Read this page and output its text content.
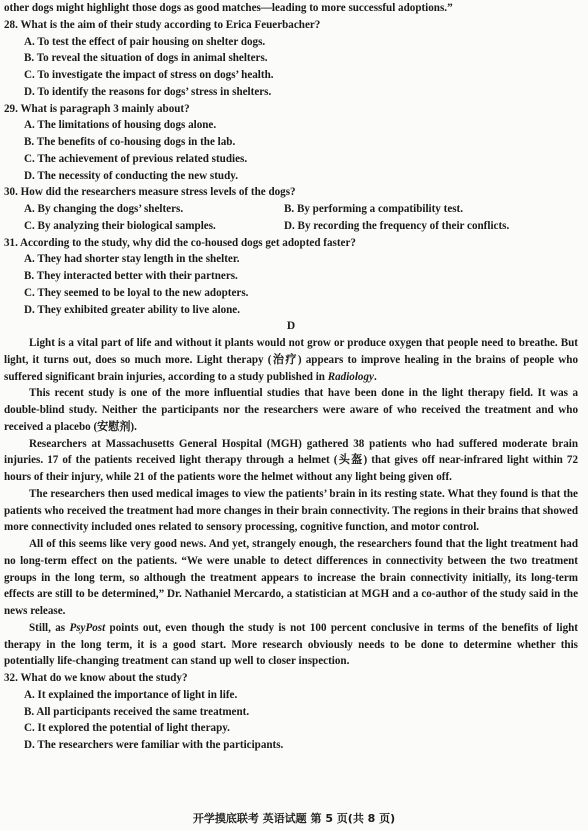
other dogs might highlight those dogs as good matches—leading to more successful adoptions.”
28. What is the aim of their study according to Erica Feuerbacher?
A. To test the effect of pair housing on shelter dogs.
B. To reveal the situation of dogs in animal shelters.
C. To investigate the impact of stress on dogs’ health.
D. To identify the reasons for dogs’ stress in shelters.
29. What is paragraph 3 mainly about?
A. The limitations of housing dogs alone.
B. The benefits of co-housing dogs in the lab.
C. The achievement of previous related studies.
D. The necessity of conducting the new study.
30. How did the researchers measure stress levels of the dogs?
A. By changing the dogs’ shelters.	B. By performing a compatibility test.
C. By analyzing their biological samples.	D. By recording the frequency of their conflicts.
31. According to the study, why did the co-housed dogs get adopted faster?
A. They had shorter stay length in the shelter.
B. They interacted better with their partners.
C. They seemed to be loyal to the new adopters.
D. They exhibited greater ability to live alone.
D

Light is a vital part of life and without it plants would not grow or produce oxygen that people need to breathe. But light, it turns out, does so much more. Light therapy (治疗) appears to improve healing in the brains of people who suffered significant brain injuries, according to a study published in Radiology.

This recent study is one of the more influential studies that have been done in the light therapy field. It was a double-blind study. Neither the participants nor the researchers were aware of who received the treatment and who received a placebo (安慰剂).

Researchers at Massachusetts General Hospital (MGH) gathered 38 patients who had suffered moderate brain injuries. 17 of the patients received light therapy through a helmet (头盔) that gives off near-infrared light within 72 hours of their injury, while 21 of the patients wore the helmet without any light being given off.

The researchers then used medical images to view the patients’ brain in its resting state. What they found is that the patients who received the treatment had more changes in their brain connectivity. The regions in their brains that showed more connectivity included ones related to sensory processing, cognitive function, and motor control.

All of this seems like very good news. And yet, strangely enough, the researchers found that the light treatment had no long-term effect on the patients. “We were unable to detect differences in connectivity between the two treatment groups in the long term, so although the treatment appears to increase the brain connectivity initially, its long-term effects are still to be determined,” Dr. Nathaniel Mercardo, a statistician at MGH and a co-author of the study said in the news release.

Still, as PsyPost points out, even though the study is not 100 percent conclusive in terms of the benefits of light therapy in the long term, it is a good start. More research obviously needs to be done to determine whether this potentially life-changing treatment can stand up well to closer inspection.

32. What do we know about the study?
A. It explained the importance of light in life.
B. All participants received the same treatment.
C. It explored the potential of light therapy.
D. The researchers were familiar with the participants.
开学摸底联考 英语试题 第 5 页(共 8 页)
